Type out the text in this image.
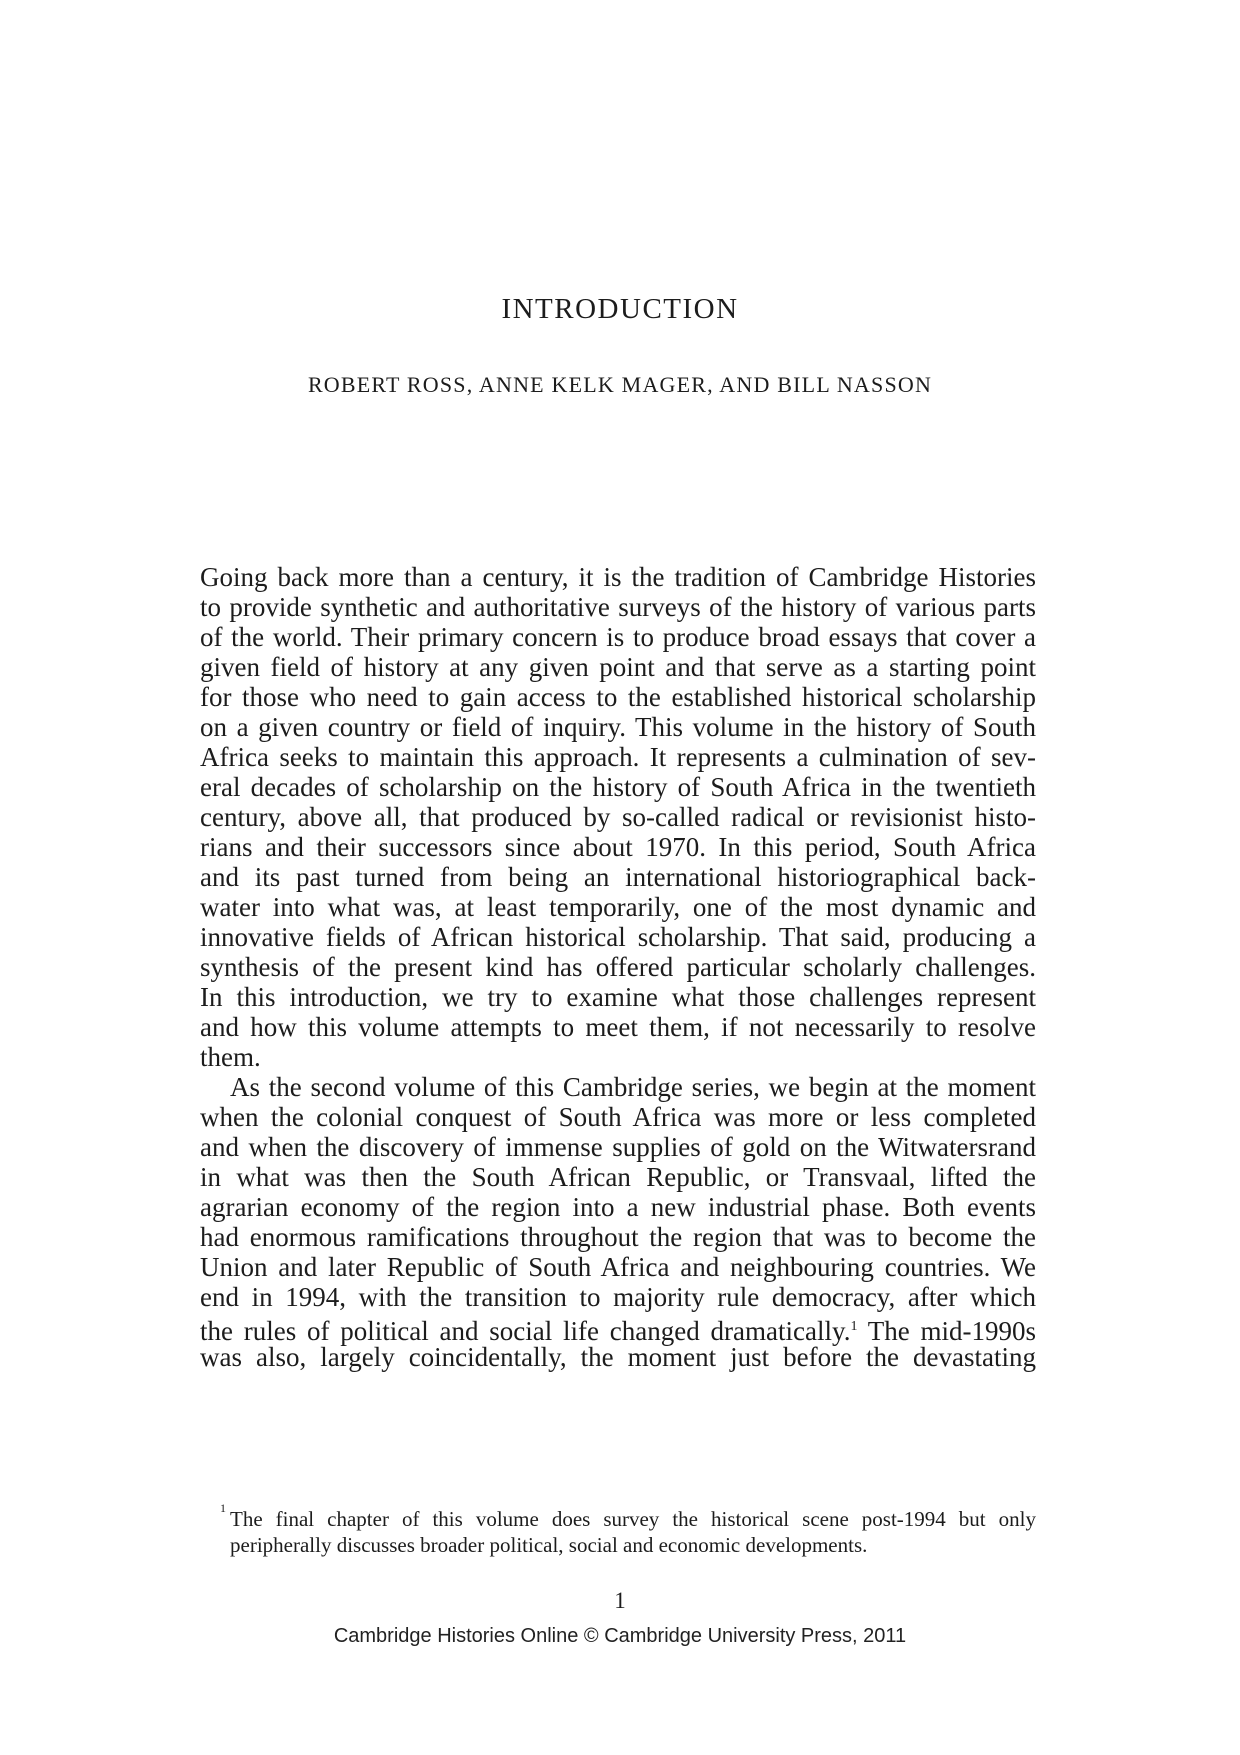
INTRODUCTION
ROBERT ROSS, ANNE KELK MAGER, AND BILL NASSON
Going back more than a century, it is the tradition of Cambridge Histories
to provide synthetic and authoritative surveys of the history of various parts
of the world. Their primary concern is to produce broad essays that cover a
given field of history at any given point and that serve as a starting point
for those who need to gain access to the established historical scholarship
on a given country or field of inquiry. This volume in the history of South
Africa seeks to maintain this approach. It represents a culmination of sev-
eral decades of scholarship on the history of South Africa in the twentieth
century, above all, that produced by so-called radical or revisionist histo-
rians and their successors since about 1970. In this period, South Africa
and its past turned from being an international historiographical back-
water into what was, at least temporarily, one of the most dynamic and
innovative fields of African historical scholarship. That said, producing a
synthesis of the present kind has offered particular scholarly challenges.
In this introduction, we try to examine what those challenges represent
and how this volume attempts to meet them, if not necessarily to resolve
them.
As the second volume of this Cambridge series, we begin at the moment
when the colonial conquest of South Africa was more or less completed
and when the discovery of immense supplies of gold on the Witwatersrand
in what was then the South African Republic, or Transvaal, lifted the
agrarian economy of the region into a new industrial phase. Both events
had enormous ramifications throughout the region that was to become the
Union and later Republic of South Africa and neighbouring countries. We
end in 1994, with the transition to majority rule democracy, after which
the rules of political and social life changed dramatically.$^1$ The mid-1990s
was also, largely coincidentally, the moment just before the devastating
1 The final chapter of this volume does survey the historical scene post-1994 but only
peripherally discusses broader political, social and economic developments.
1
Cambridge Histories Online © Cambridge University Press, 2011
